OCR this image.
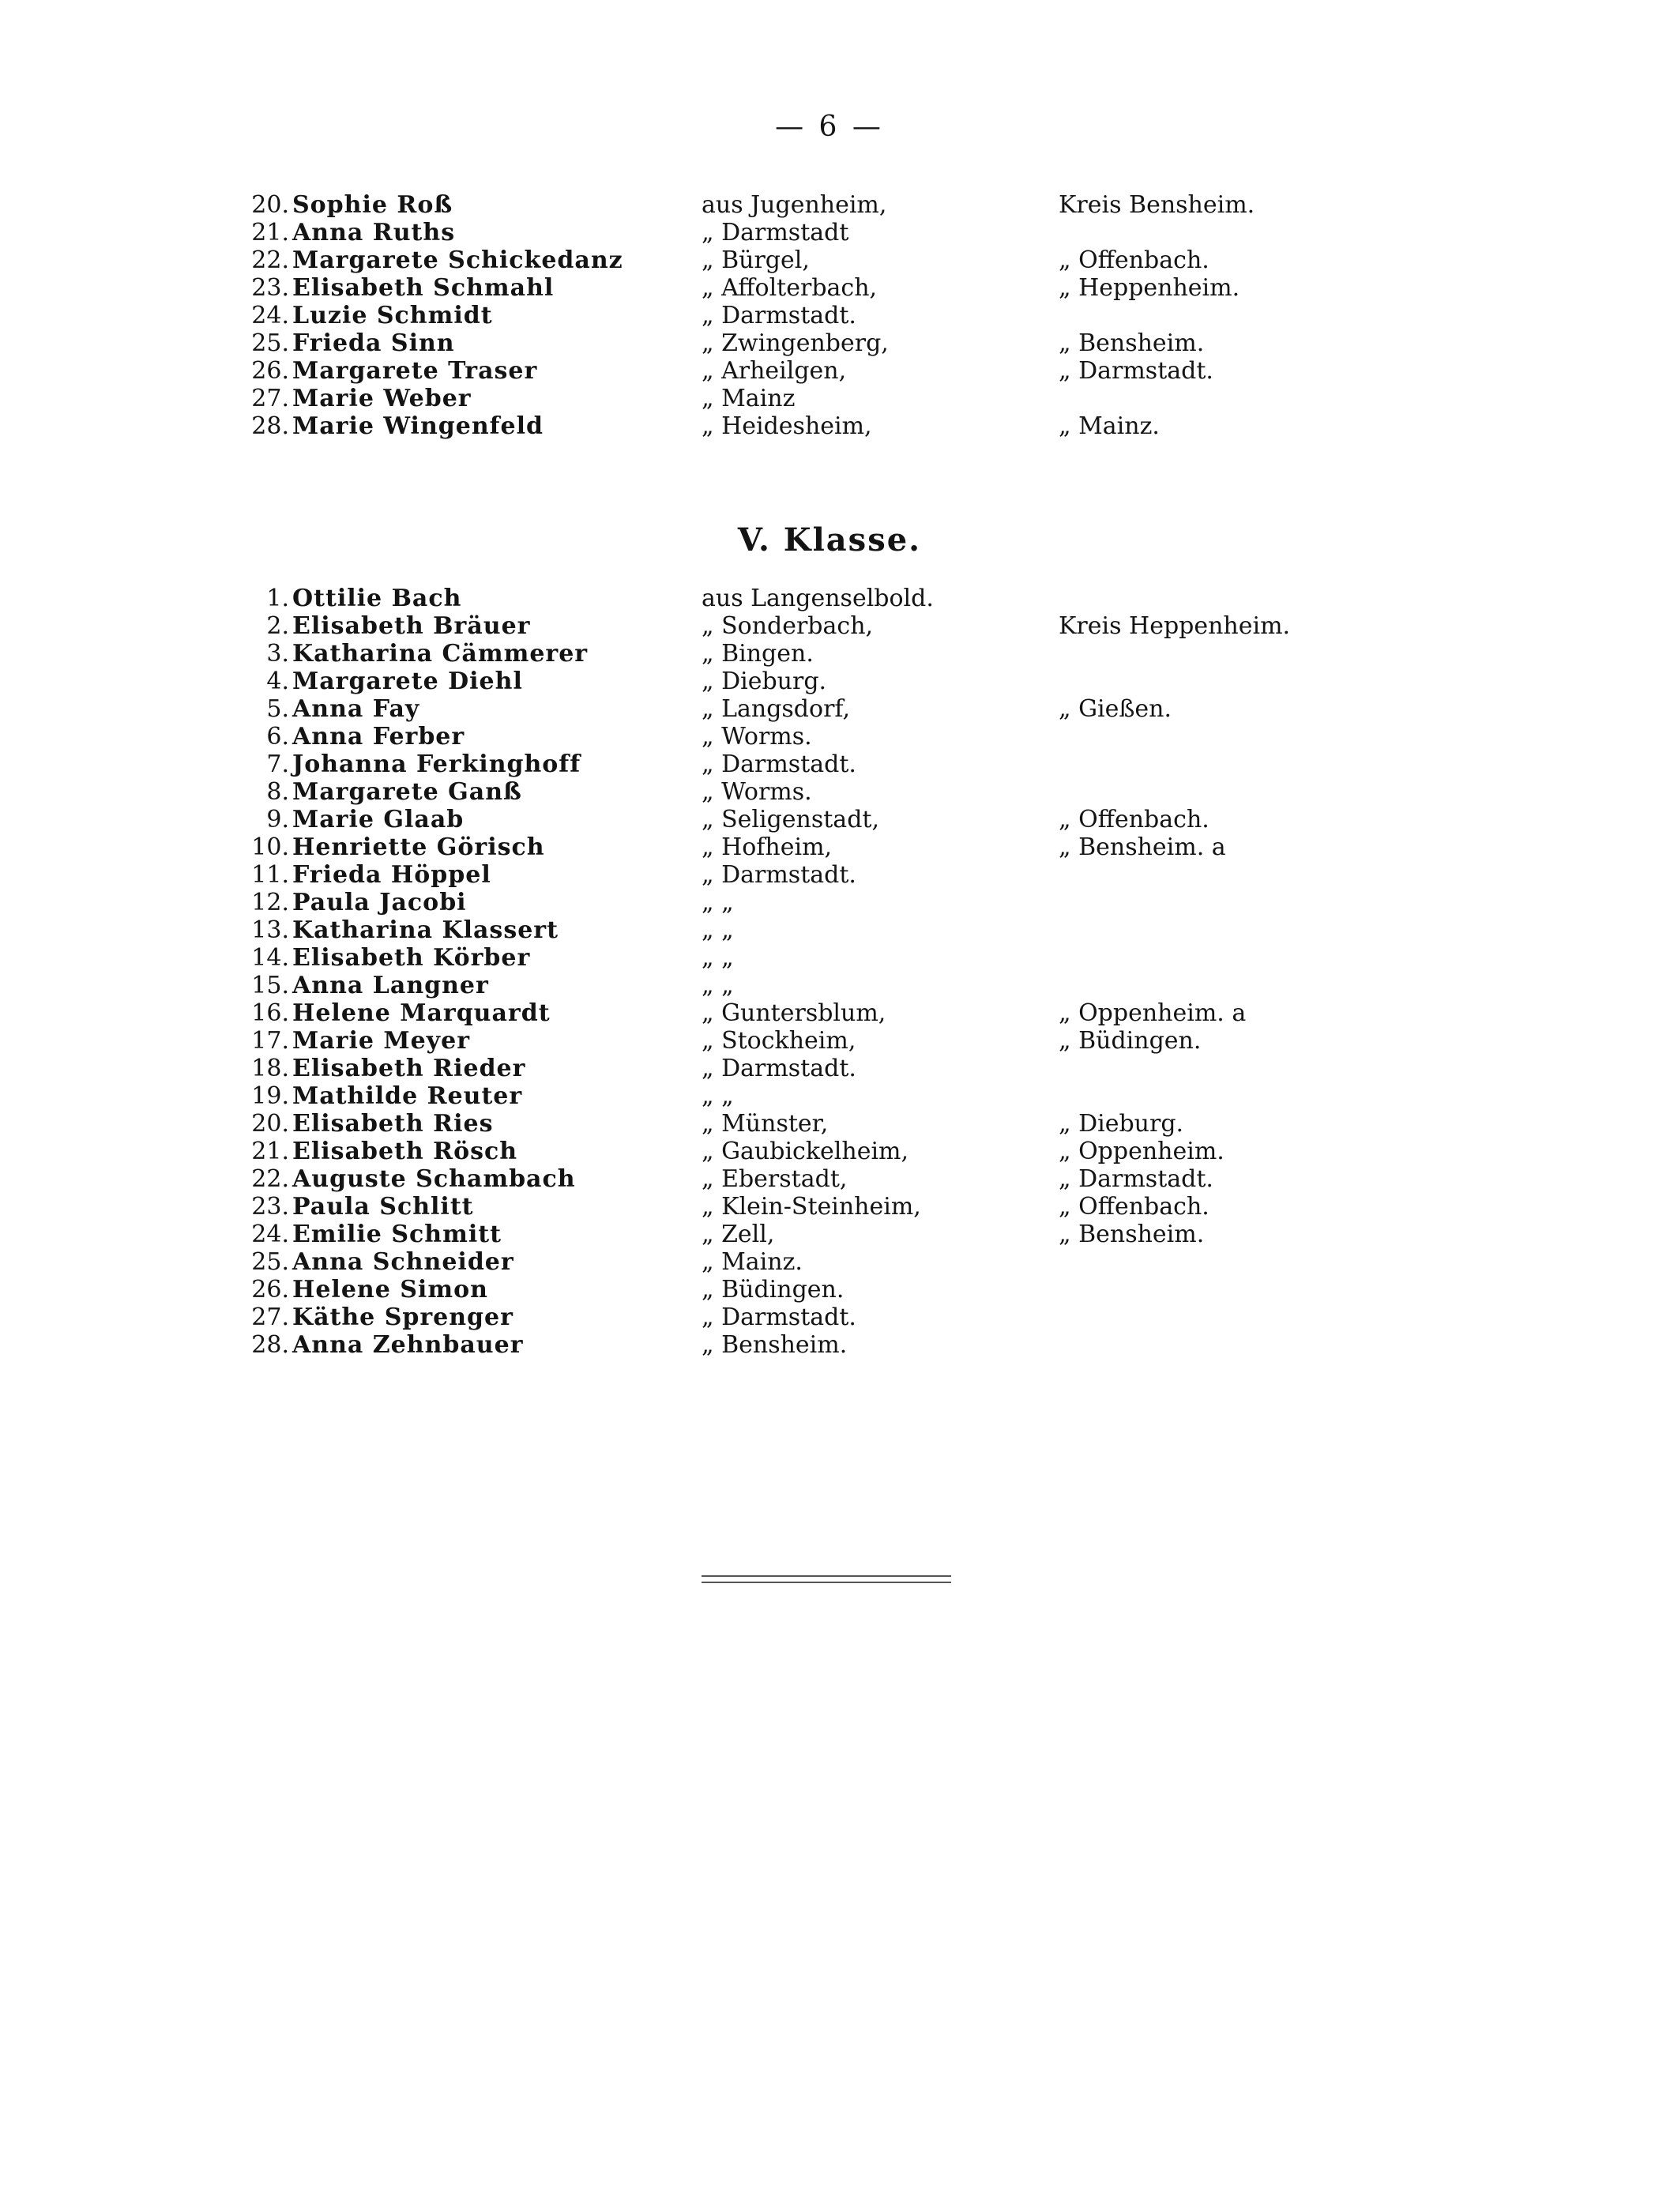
— 6 —
20. Sophie Roß	aus Jugenheim,	Kreis Bensheim.
21. Anna Ruths	„ Darmstadt
22. Margarete Schickedanz	„ Bürgel,	„ Offenbach.
23. Elisabeth Schmahl	„ Affolterbach,	„ Heppenheim.
24. Luzie Schmidt	„ Darmstadt.
25. Frieda Sinn	„ Zwingenberg,	„ Bensheim.
26. Margarete Traser	„ Arheilgen,	„ Darmstadt.
27. Marie Weber	„ Mainz
28. Marie Wingenfeld	„ Heidesheim,	„ Mainz.
V. Klasse.
1. Ottilie Bach	aus Langenselbold.
2. Elisabeth Bräuer	„ Sonderbach,	Kreis Heppenheim.
3. Katharina Cämmerer	„ Bingen.
4. Margarete Diehl	„ Dieburg.
5. Anna Fay	„ Langsdorf,	„ Gießen.
6. Anna Ferber	„ Worms.
7. Johanna Ferkinghoff	„ Darmstadt.
8. Margarete Ganß	„ Worms.
9. Marie Glaab	„ Seligenstadt,	„ Offenbach.
10. Henriette Görisch	„ Hofheim,	„ Bensheim. a
11. Frieda Höppel	„ Darmstadt.
12. Paula Jacobi	„ „
13. Katharina Klassert	„ „
14. Elisabeth Körber	„ „
15. Anna Langner	„ „
16. Helene Marquardt	„ Guntersblum,	„ Oppenheim. a
17. Marie Meyer	„ Stockheim,	„ Büdingen.
18. Elisabeth Rieder	„ Darmstadt.
19. Mathilde Reuter	„ „
20. Elisabeth Ries	„ Münster,	„ Dieburg.
21. Elisabeth Rösch	„ Gaubickelheim,	„ Oppenheim.
22. Auguste Schambach	„ Eberstadt,	„ Darmstadt.
23. Paula Schlitt	„ Klein-Steinheim,	„ Offenbach.
24. Emilie Schmitt	„ Zell,	„ Bensheim.
25. Anna Schneider	„ Mainz.
26. Helene Simon	„ Büdingen.
27. Käthe Sprenger	„ Darmstadt.
28. Anna Zehnbauer	„ Bensheim.
